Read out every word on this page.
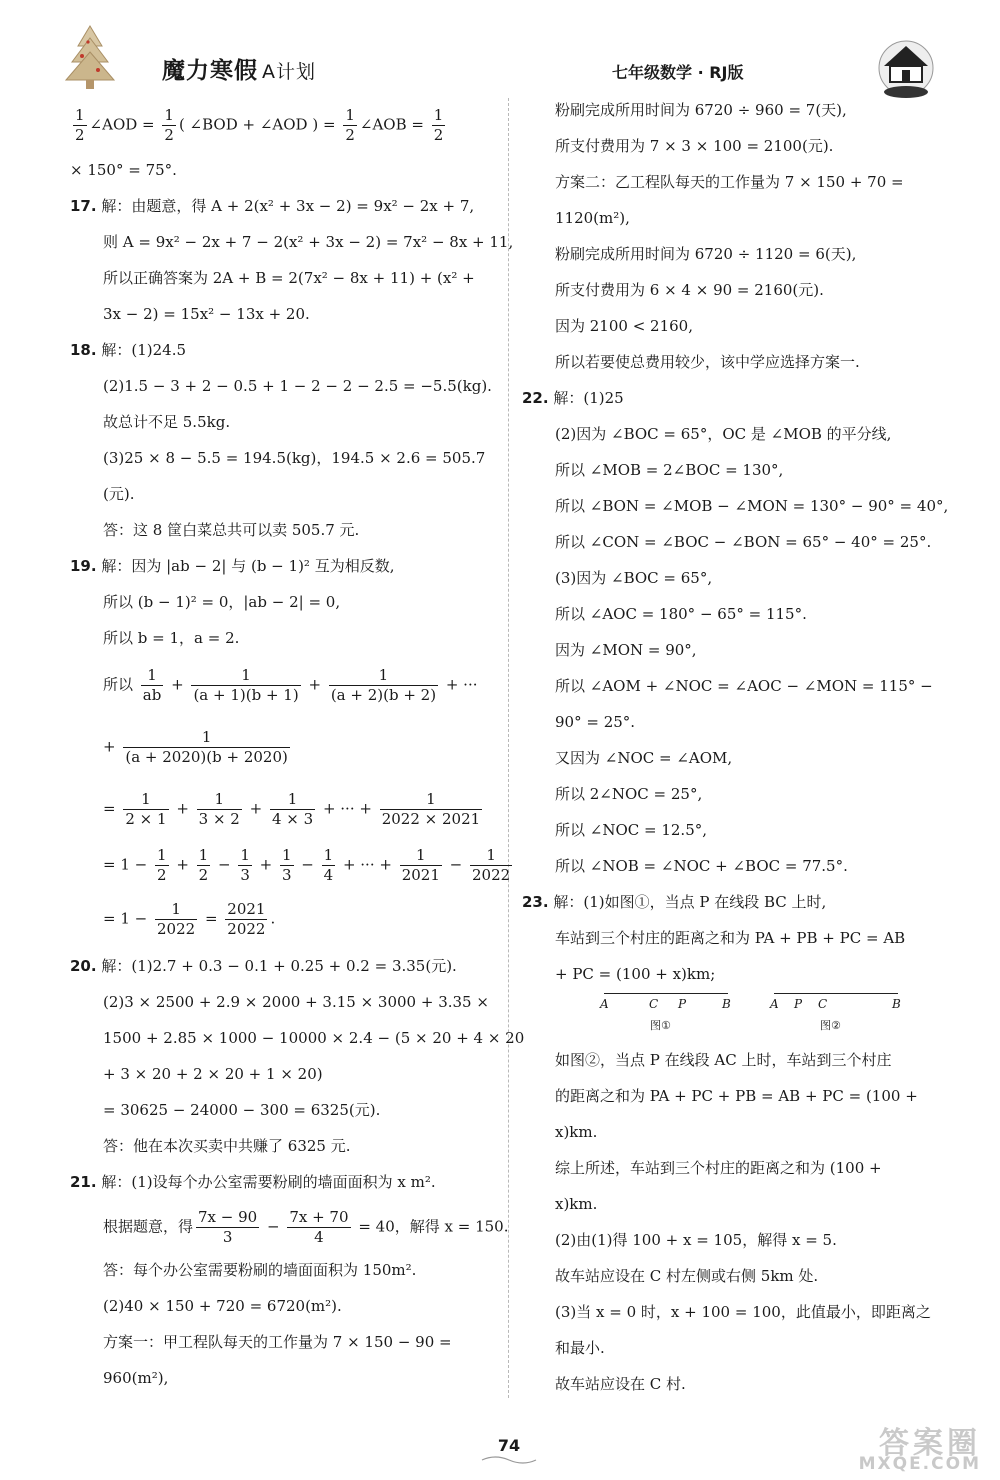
魔力寒假 A计划	七年级数学 · RJ版
$\frac{1}{2}$ ∠AOD = $\frac{1}{2}$ ( ∠BOD + ∠AOD ) = $\frac{1}{2}$ ∠AOB = $\frac{1}{2}$
× 150° = 75°.
17. 解：由题意，得 A + 2(x² + 3x − 2) = 9x² − 2x + 7,
则 A = 9x² − 2x + 7 − 2(x² + 3x − 2) = 7x² − 8x + 11,
所以正确答案为 2A + B = 2(7x² − 8x + 11) + (x² +
3x − 2) = 15x² − 13x + 20.
18. 解：(1)24.5
(2)1.5 − 3 + 2 − 0.5 + 1 − 2 − 2 − 2.5 = −5.5(kg).
故总计不足 5.5kg.
(3)25 × 8 − 5.5 = 194.5(kg)，194.5 × 2.6 = 505.7
(元).
答：这 8 筐白菜总共可以卖 505.7 元.
19. 解：因为 |ab − 2| 与 (b − 1)² 互为相反数,
所以 (b − 1)² = 0，|ab − 2| = 0,
所以 b = 1，a = 2.
所以 $\frac{1}{ab} + \frac{1}{(a + 1)(b + 1)} + \frac{1}{(a + 2)(b + 2)}$ + ···
+ $\frac{1}{(a + 2020)(b + 2020)}$
= $\frac{1}{2 \times 1} + \frac{1}{3 \times 2} + \frac{1}{4 \times 3}$ + ··· + $\frac{1}{2022 \times 2021}$
= $1 - \frac{1}{2} + \frac{1}{2} - \frac{1}{3} + \frac{1}{3} - \frac{1}{4}$ + ··· + $\frac{1}{2021} - \frac{1}{2022}$
= $1 - \frac{1}{2022} = \frac{2021}{2022}$ .
20. 解：(1)2.7 + 0.3 − 0.1 + 0.25 + 0.2 = 3.35(元).
(2)3 × 2500 + 2.9 × 2000 + 3.15 × 3000 + 3.35 ×
1500 + 2.85 × 1000 − 10000 × 2.4 − (5 × 20 + 4 × 20
+ 3 × 20 + 2 × 20 + 1 × 20)
= 30625 − 24000 − 300 = 6325(元).
答：他在本次买卖中共赚了 6325 元.
21. 解：(1)设每个办公室需要粉刷的墙面面积为 x m².
根据题意，得 $\frac{7x - 90}{3} - \frac{7x + 70}{4} = 40$，解得 x = 150.
答：每个办公室需要粉刷的墙面面积为 150m².
(2)40 × 150 + 720 = 6720(m²).
方案一：甲工程队每天的工作量为 7 × 150 − 90 =
960(m²),
粉刷完成所用时间为 6720 ÷ 960 = 7(天),
所支付费用为 7 × 3 × 100 = 2100(元).
方案二：乙工程队每天的工作量为 7 × 150 + 70 =
1120(m²),
粉刷完成所用时间为 6720 ÷ 1120 = 6(天),
所支付费用为 6 × 4 × 90 = 2160(元).
因为 2100 < 2160,
所以若要使总费用较少，该中学应选择方案一.
22. 解：(1)25
(2)因为 ∠BOC = 65°，OC 是 ∠MOB 的平分线,
所以 ∠MOB = 2∠BOC = 130°,
所以 ∠BON = ∠MOB − ∠MON = 130° − 90° = 40°,
所以 ∠CON = ∠BOC − ∠BON = 65° − 40° = 25°.
(3)因为 ∠BOC = 65°,
所以 ∠AOC = 180° − 65° = 115°.
因为 ∠MON = 90°,
所以 ∠AOM + ∠NOC = ∠AOC − ∠MON = 115° −
90° = 25°.
又因为 ∠NOC = ∠AOM,
所以 2∠NOC = 25°,
所以 ∠NOC = 12.5°,
所以 ∠NOB = ∠NOC + ∠BOC = 77.5°.
23. 解：(1)如图①，当点 P 在线段 BC 上时,
车站到三个村庄的距离之和为 PA + PB + PC = AB
+ PC = (100 + x)km;
A	C P	B
图①
A P C	B
图②
如图②，当点 P 在线段 AC 上时，车站到三个村庄
的距离之和为 PA + PC + PB = AB + PC = (100 +
x)km.
综上所述，车站到三个村庄的距离之和为 (100 +
x)km.
(2)由(1)得 100 + x = 105，解得 x = 5.
故车站应设在 C 村左侧或右侧 5km 处.
(3)当 x = 0 时，x + 100 = 100，此值最小，即距离之
和最小.
故车站应设在 C 村.
74	答案圈
MXQE.COM
